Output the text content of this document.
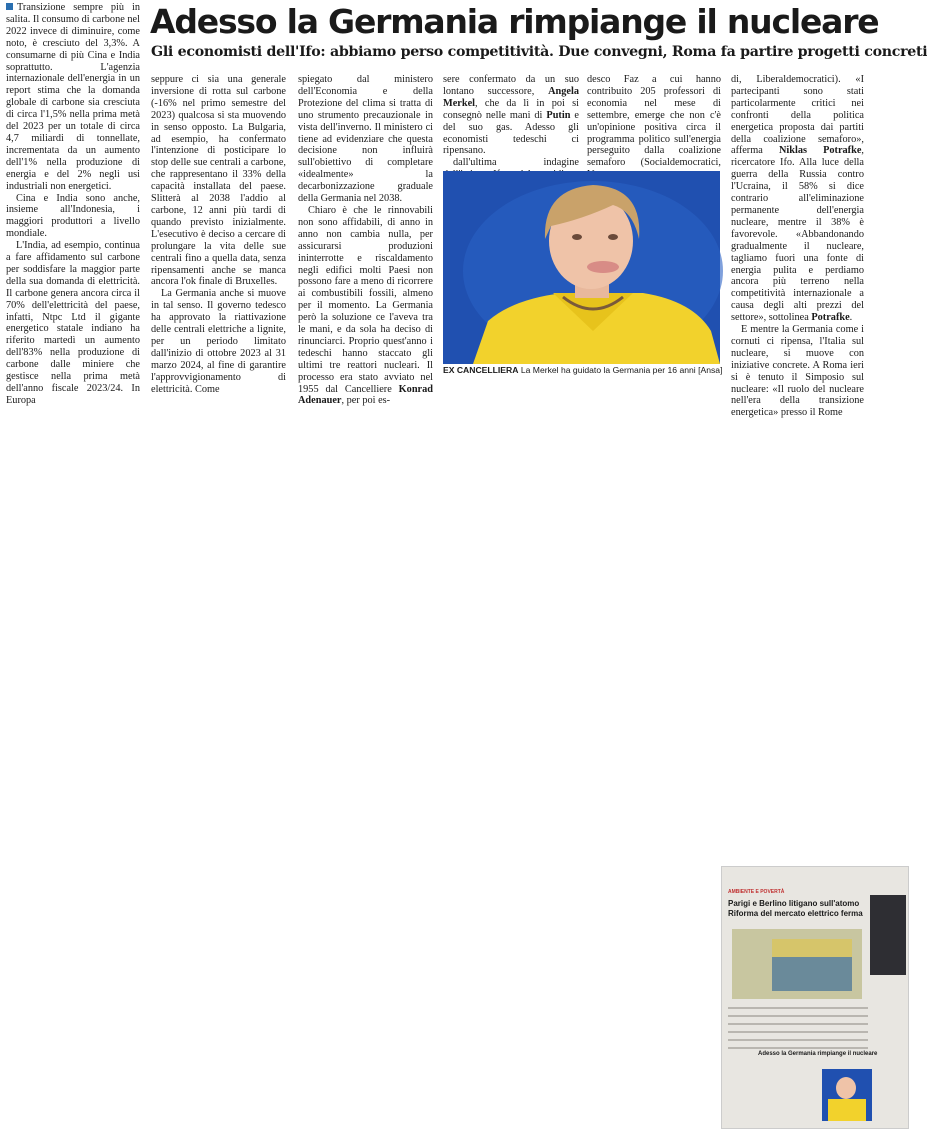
Adesso la Germania rimpiange il nucleare
Gli economisti dell'Ifo: abbiamo perso competitività. Due convegni, Roma fa partire progetti concreti

Transizione sempre più in salita. Il consumo di carbone nel 2022 invece di diminuire, come noto, è cresciuto del 3,3%. A consumarne di più Cina e India soprattutto. L'agenzia internazionale dell'energia in un report stima che la domanda globale di carbone sia cresciuta di circa l'1,5% nella prima metà del 2023 per un totale di circa 4,7 miliardi di tonnellate, incrementata da un aumento dell'1% nella produzione di energia e del 2% negli usi industriali non energetici.

Cina e India sono anche, insieme all'Indonesia, i maggiori produttori a livello mondiale.

L'India, ad esempio, continua a fare affidamento sul carbone per soddisfare la maggior parte della sua domanda di elettricità. Il carbone genera ancora circa il 70% dell'elettricità del paese, infatti, Ntpc Ltd il gigante energetico statale indiano ha riferito martedì un aumento dell'83% nella produzione di carbone dalle miniere che gestisce nella prima metà dell'anno fiscale 2023/24. In Europa

seppure ci sia una generale inversione di rotta sul carbone (-16% nel primo semestre del 2023) qualcosa si sta muovendo in senso opposto. La Bulgaria, ad esempio, ha confermato l'intenzione di posticipare lo stop delle sue centrali a carbone, che rappresentano il 33% della capacità installata del paese. Slitterà al 2038 l'addio al carbone, 12 anni più tardi di quando previsto inizialmente. L'esecutivo è deciso a cercare di prolungare la vita delle sue centrali fino a quella data, senza ripensamenti anche se manca ancora l'ok finale di Bruxelles.

La Germania anche si muove in tal senso. Il governo tedesco ha approvato la riattivazione delle centrali elettriche a lignite, per un periodo limitato dall'inizio di ottobre 2023 al 31 marzo 2024, al fine di garantire l'approvvigionamento di elettricità. Come

spiegato dal ministero dell'Economia e della Protezione del clima si tratta di uno strumento precauzionale in vista dell'inverno. Il ministero ci tiene ad evidenziare che questa decisione non influirà sull'obiettivo di completare «idealmente» la decarbonizzazione graduale della Germania nel 2038.

Chiaro è che le rinnovabili non sono affidabili, di anno in anno non cambia nulla, per assicurarsi produzioni ininterrotte e riscaldamento negli edifici molti Paesi non possono fare a meno di ricorrere ai combustibili fossili, almeno per il momento. La Germania però la soluzione ce l'aveva tra le mani, e da sola ha deciso di rinunciarci. Proprio quest'anno i tedeschi hanno staccato gli ultimi tre reattori nucleari. Il processo era stato avviato nel 1955 dal Cancelliere Konrad Adenauer, per poi es-

sere confermato da un suo lontano successore, Angela Merkel, che da lì in poi si consegnò nelle mani di Putin e del suo gas. Adesso gli economisti tedeschi ci ripensano.

dall'ultima indagine

desco Faz a cui hanno contribuito 205 professori di economia nel mese di settembre, emerge che non c'è un'opinione positiva circa il programma politico sull'energia perseguito dalla coalizione semaforo (Socialdemocratici,

di, Liberaldemocratici). «I partecipanti sono stati particolarmente critici nei confronti della politica energetica proposta dai partiti della coalizione semaforo», afferma Niklas Potrafke, ricercatore Ifo. Alla luce della guerra della Russia contro l'Ucraina, il 58% si dice contrario all'eliminazione permanente dell'energia nucleare, mentre il 38% è favorevole. «Abbandonando gradualmente il nucleare, tagliamo fuori una fonte di energia pulita e perdiamo ancora più terreno nella competitività internazionale a causa degli alti prezzi del settore», sottolinea Potrafke.

E mentre la Germania come i cornuti ci ripensa, l'Italia sul nucleare, si muove con iniziative concrete. A Roma ieri si è tenuto il Simposio sul nucleare: «Il ruolo del nucleare nell'era della transizione energetica» presso il Rome

EX CANCELLIERA La Merkel ha guidato la Germania per 16 anni [Ansa]
AMBIENTE E POVERTÀ
Parigi e Berlino litigano sull'atomo
Riforma del mercato elettrico ferma
Adesso la Germania rimpiange il nucleare
